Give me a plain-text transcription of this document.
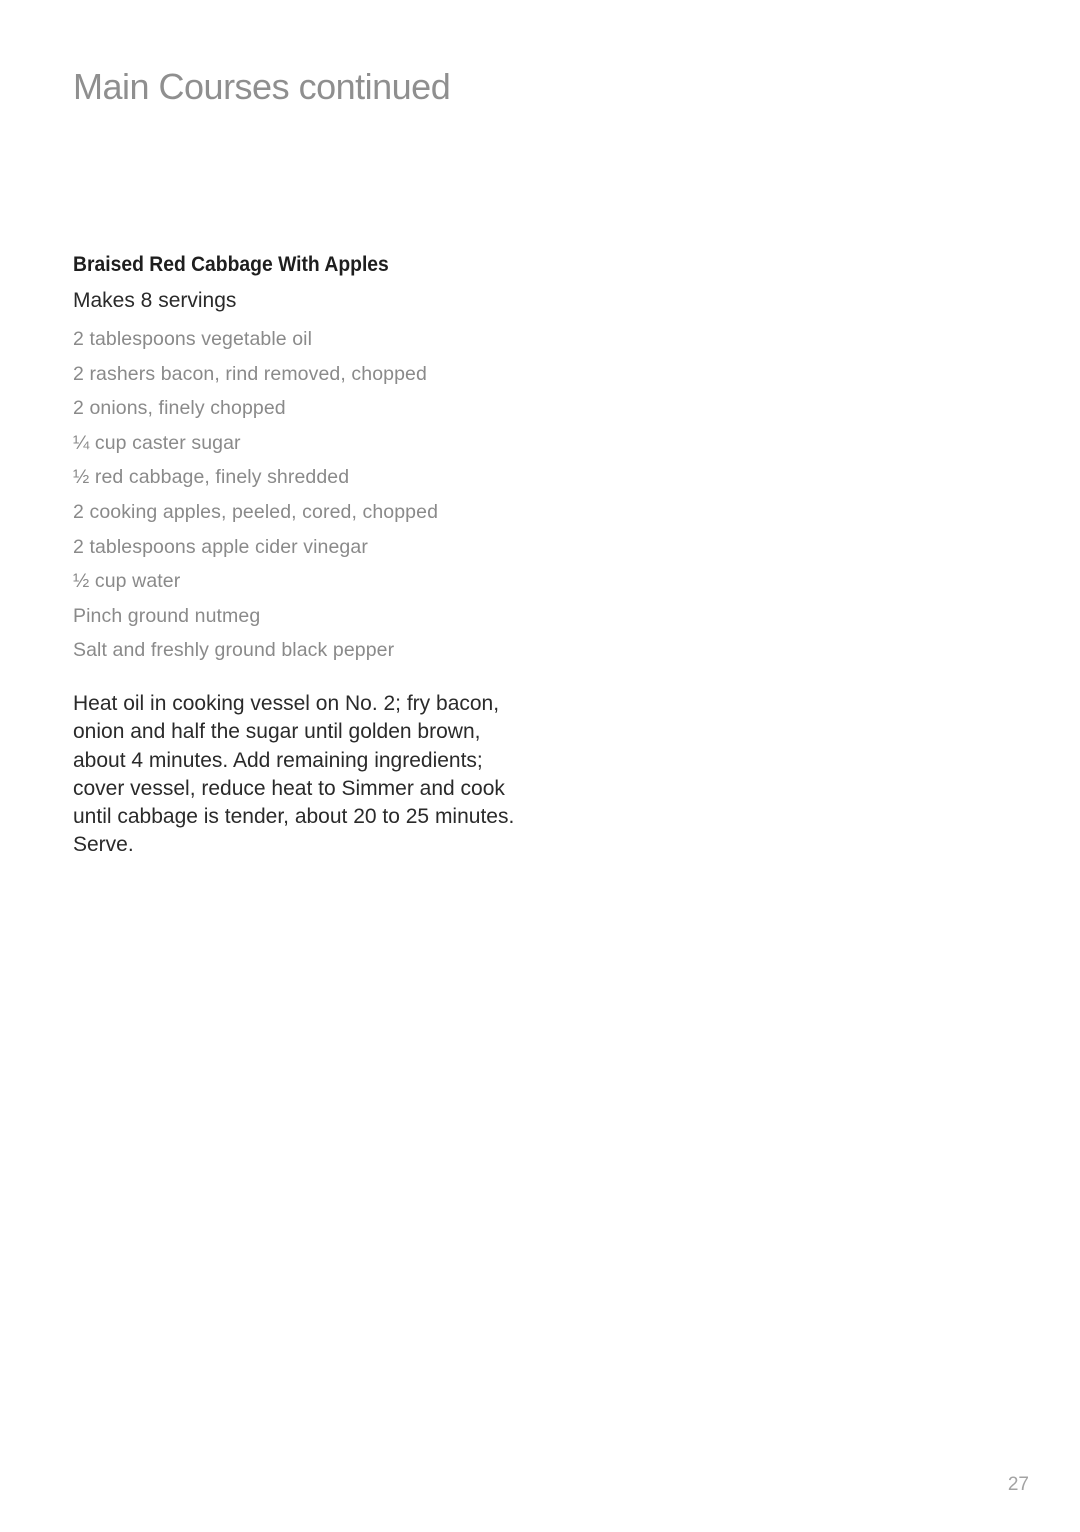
Main Courses continued
Braised Red Cabbage With Apples

Makes 8 servings

2 tablespoons vegetable oil
2 rashers bacon, rind removed, chopped
2 onions, finely chopped
¼ cup caster sugar
½ red cabbage, finely shredded
2 cooking apples, peeled, cored, chopped
2 tablespoons apple cider vinegar
½ cup water
Pinch ground nutmeg
Salt and freshly ground black pepper

Heat oil in cooking vessel on No. 2; fry bacon, onion and half the sugar until golden brown, about 4 minutes. Add remaining ingredients; cover vessel, reduce heat to Simmer and cook until cabbage is tender, about 20 to 25 minutes. Serve.

27
